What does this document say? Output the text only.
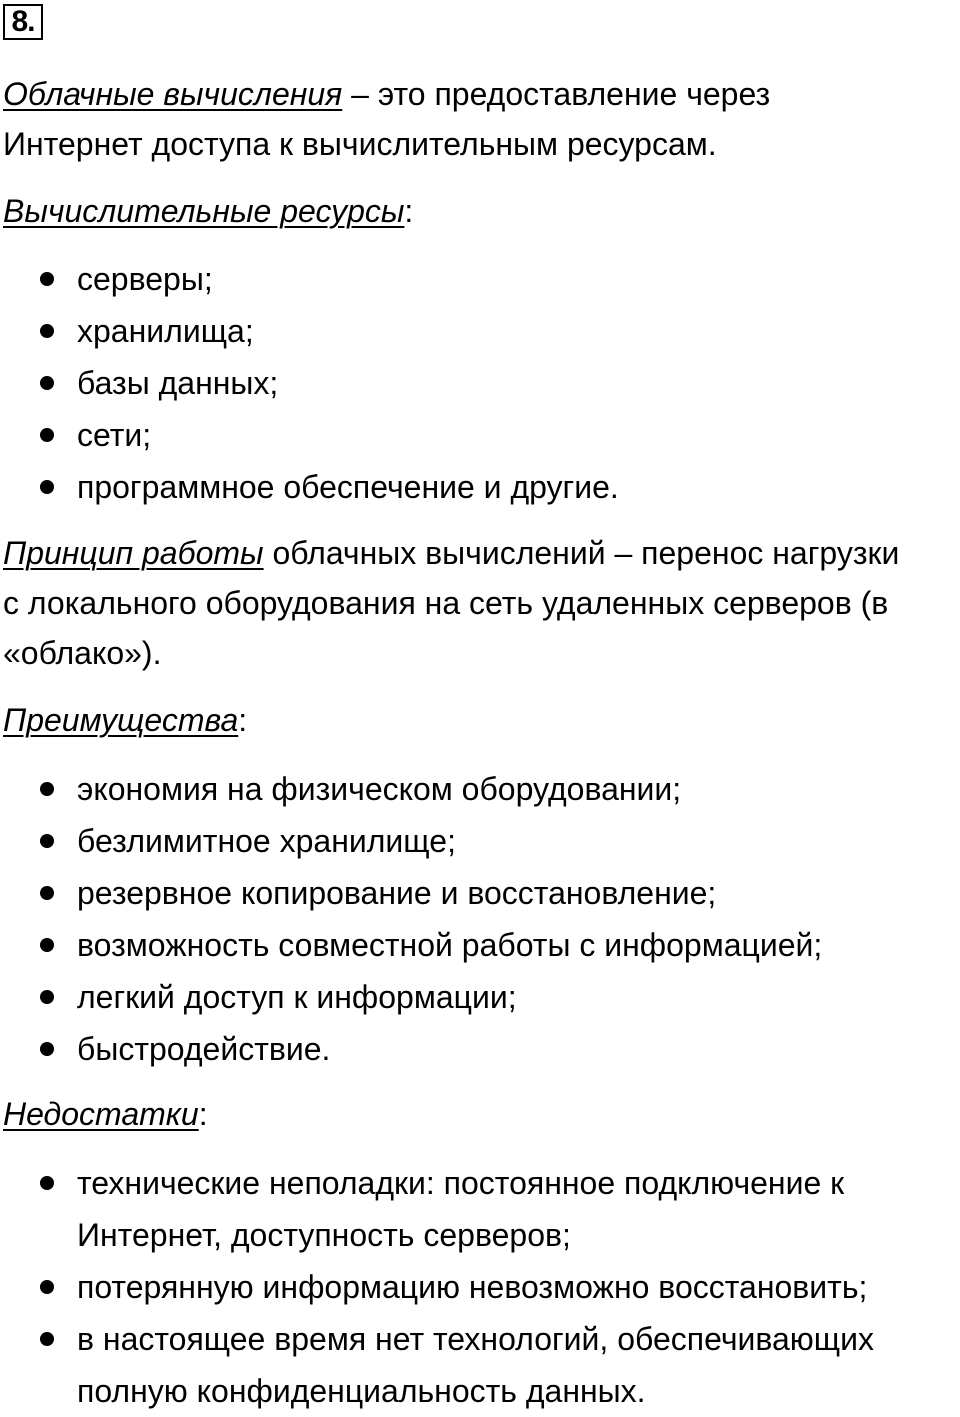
8.
Облачные вычисления – это предоставление через
Интернет доступа к вычислительным ресурсам.
Вычислительные ресурсы:
серверы;
хранилища;
базы данных;
сети;
программное обеспечение и другие.
Принцип работы облачных вычислений – перенос нагрузки
с локального оборудования на сеть удаленных серверов (в
«облако»).
Преимущества:
экономия на физическом оборудовании;
безлимитное хранилище;
резервное копирование и восстановление;
возможность совместной работы с информацией;
легкий доступ к информации;
быстродействие.
Недостатки:
технические неполадки: постоянное подключение к
Интернет, доступность серверов;
потерянную информацию невозможно восстановить;
в настоящее время нет технологий, обеспечивающих
полную конфиденциальность данных.
